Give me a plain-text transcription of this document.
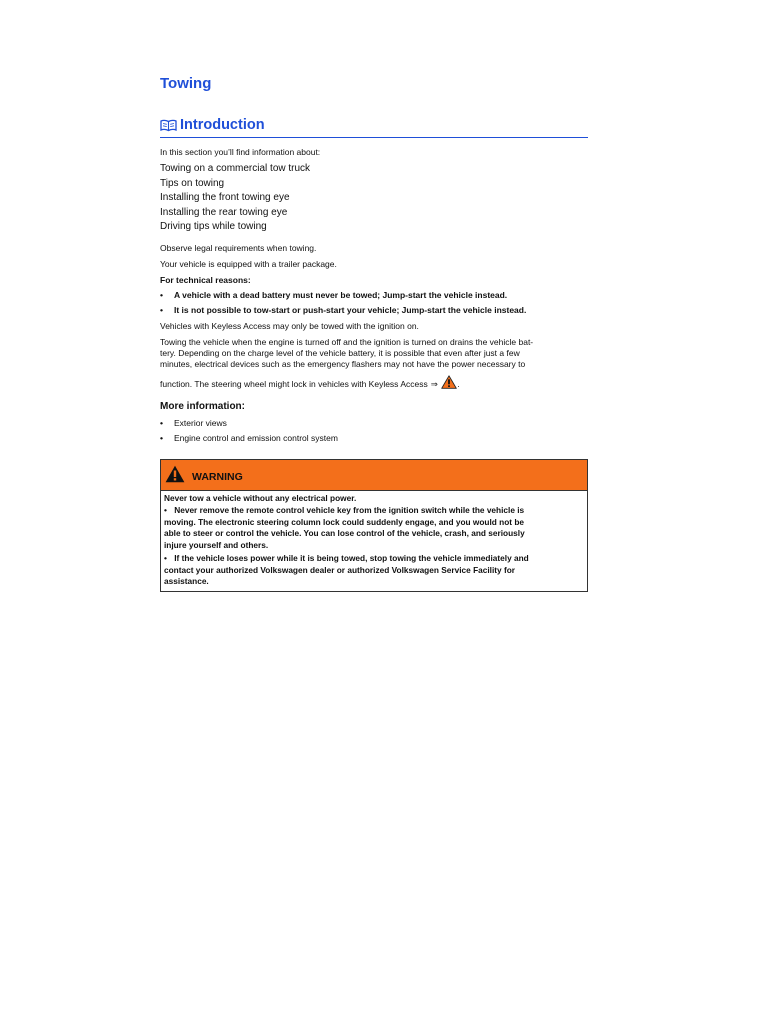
Towing
Introduction
In this section you’ll find information about:
Towing on a commercial tow truck
Tips on towing
Installing the front towing eye
Installing the rear towing eye
Driving tips while towing
Observe legal requirements when towing.
Your vehicle is equipped with a trailer package.
For technical reasons:
•	A vehicle with a dead battery must never be towed; Jump-start the vehicle instead.
•	It is not possible to tow-start or push-start your vehicle; Jump-start the vehicle instead.
Vehicles with Keyless Access may only be towed with the ignition on.
Towing the vehicle when the engine is turned off and the ignition is turned on drains the vehicle bat-
tery. Depending on the charge level of the vehicle battery, it is possible that even after just a few
minutes, electrical devices such as the emergency flashers may not have the power necessary to
function. The steering wheel might lock in vehicles with Keyless Access ⇒ .
More information:
•	Exterior views
•	Engine control and emission control system
WARNING

Never tow a vehicle without any electrical power.

• Never remove the remote control vehicle key from the ignition switch while the vehicle is

moving. The electronic steering column lock could suddenly engage, and you would not be

able to steer or control the vehicle. You can lose control of the vehicle, crash, and seriously

injure yourself and others.

• If the vehicle loses power while it is being towed, stop towing the vehicle immediately and

contact your authorized Volkswagen dealer or authorized Volkswagen Service Facility for

assistance.
